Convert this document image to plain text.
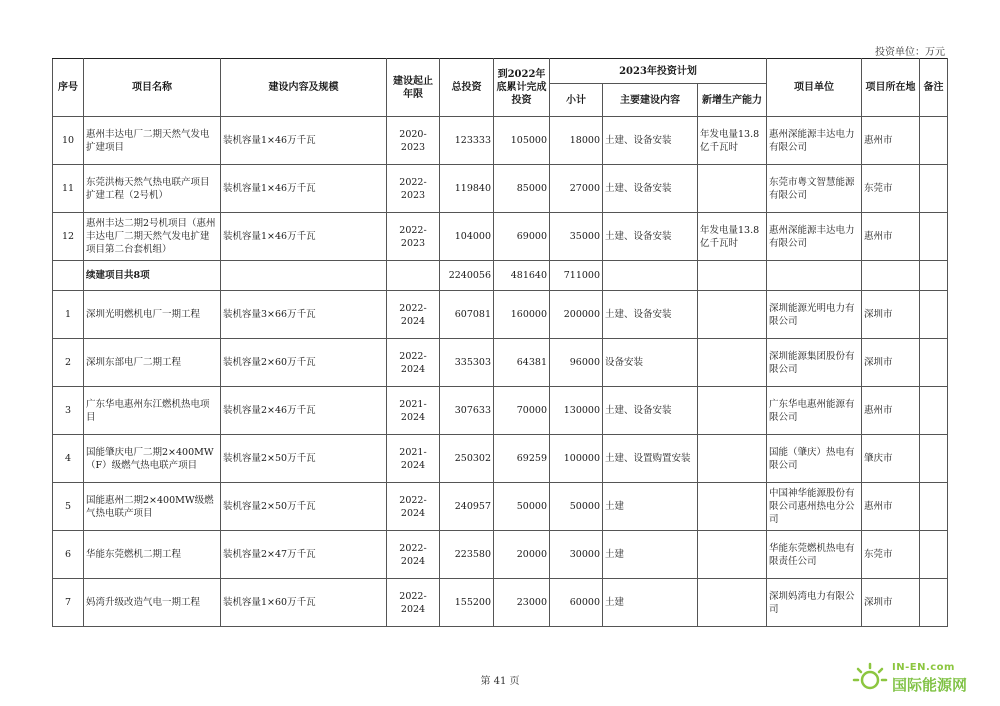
投资单位：万元
序号	项目名称	建设内容及规模	建设起止年限	总投资	到2022年底累计完成投资	2023年投资计划			项目单位	项目所在地	备注
						小计	主要建设内容	新增生产能力			
10	惠州丰达电厂二期天然气发电扩建项目	装机容量1×46万千瓦	2020-2023	123333	105000	18000	土建、设备安装	年发电量13.8亿千瓦时	惠州深能源丰达电力有限公司	惠州市	
11	东莞洪梅天然气热电联产项目扩建工程（2号机）	装机容量1×46万千瓦	2022-2023	119840	85000	27000	土建、设备安装		东莞市粤文智慧能源有限公司	东莞市	
12	惠州丰达二期2号机项目（惠州丰达电厂二期天然气发电扩建项目第二台套机组）	装机容量1×46万千瓦	2022-2023	104000	69000	35000	土建、设备安装	年发电量13.8亿千瓦时	惠州深能源丰达电力有限公司	惠州市	
	续建项目共8项			2240056	481640	711000					
1	深圳光明燃机电厂一期工程	装机容量3×66万千瓦	2022-2024	607081	160000	200000	土建、设备安装		深圳能源光明电力有限公司	深圳市	
2	深圳东部电厂二期工程	装机容量2×60万千瓦	2022-2024	335303	64381	96000	设备安装		深圳能源集团股份有限公司	深圳市	
3	广东华电惠州东江燃机热电项目	装机容量2×46万千瓦	2021-2024	307633	70000	130000	土建、设备安装		广东华电惠州能源有限公司	惠州市	
4	国能肇庆电厂二期2×400MW（F）级燃气热电联产项目	装机容量2×50万千瓦	2021-2024	250302	69259	100000	土建、设置购置安装		国能（肇庆）热电有限公司	肇庆市	
5	国能惠州二期2×400MW级燃气热电联产项目	装机容量2×50万千瓦	2022-2024	240957	50000	50000	土建		中国神华能源股份有限公司惠州热电分公司	惠州市	
6	华能东莞燃机二期工程	装机容量2×47万千瓦	2022-2024	223580	20000	30000	土建		华能东莞燃机热电有限责任公司	东莞市	
7	妈湾升级改造气电一期工程	装机容量1×60万千瓦	2022-2024	155200	23000	60000	土建		深圳妈湾电力有限公司	深圳市	
第 41 页
IN-EN.com
国际能源网
